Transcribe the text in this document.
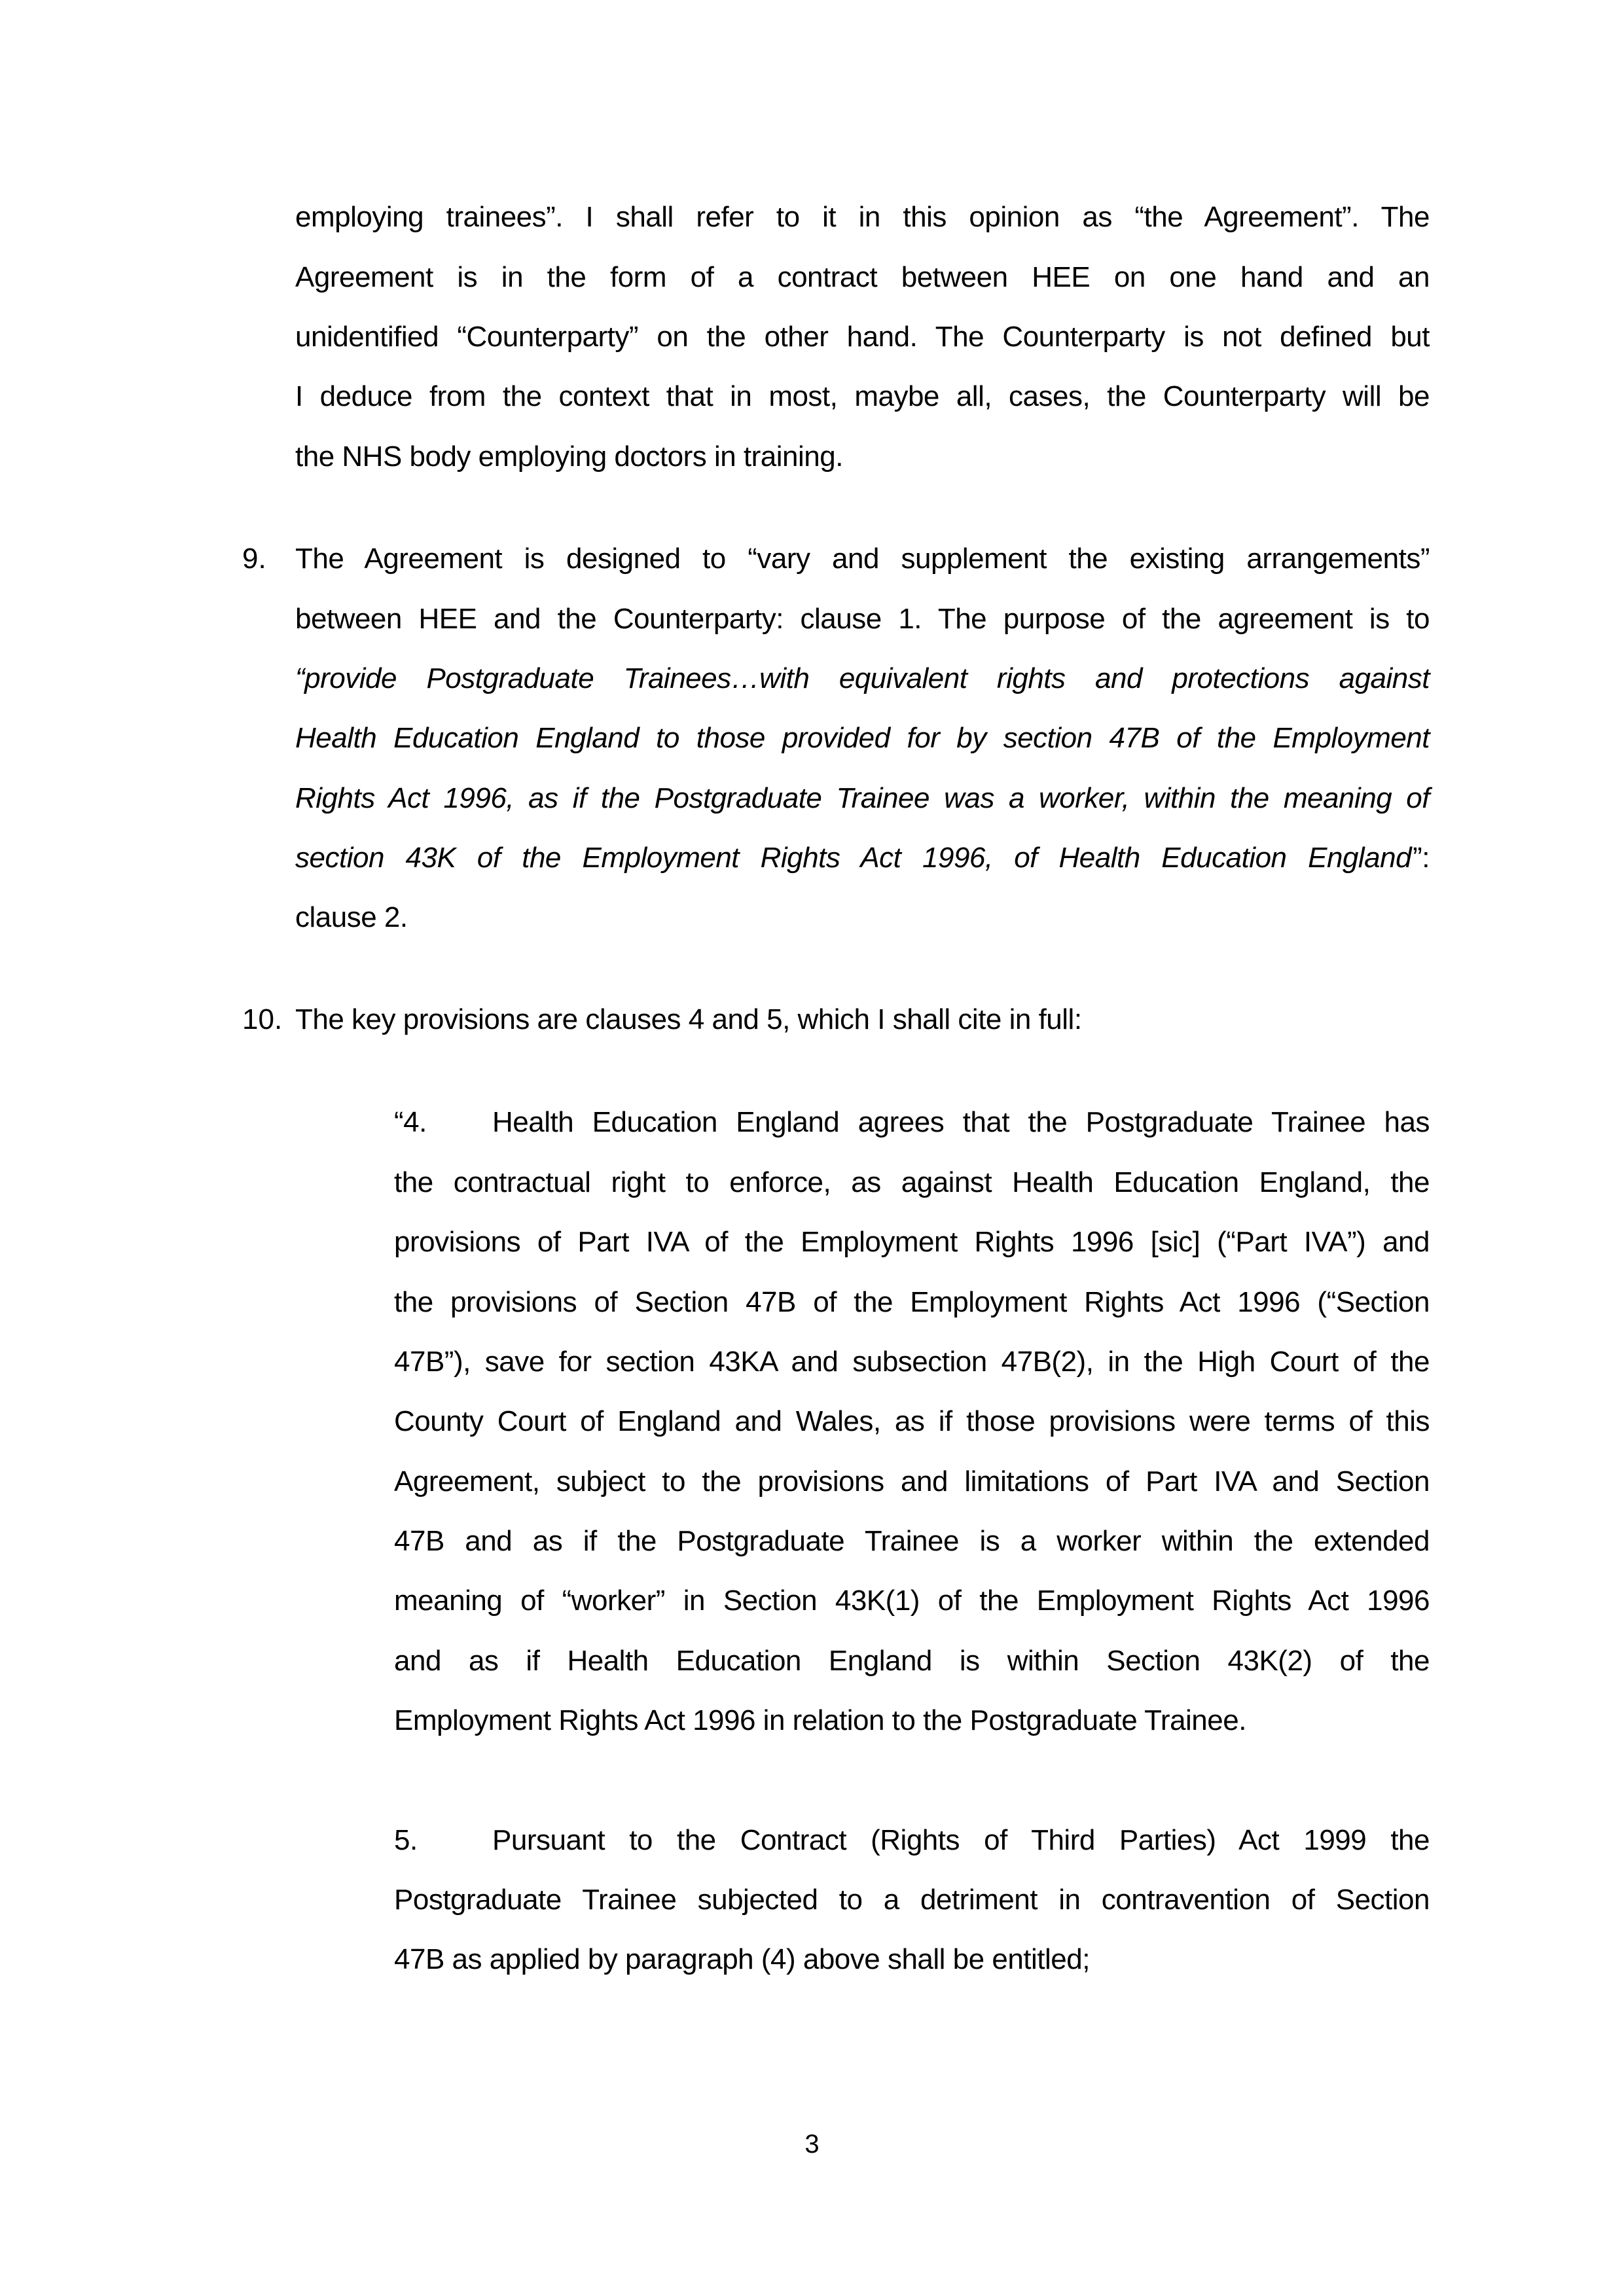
employing trainees”. I shall refer to it in this opinion as “the Agreement”. The
Agreement is in the form of a contract between HEE on one hand and an
unidentified “Counterparty” on the other hand. The Counterparty is not defined but
I deduce from the context that in most, maybe all, cases, the Counterparty will be
the NHS body employing doctors in training.
9. The Agreement is designed to “vary and supplement the existing arrangements”
between HEE and the Counterparty: clause 1. The purpose of the agreement is to
“provide Postgraduate Trainees…with equivalent rights and protections against
Health Education England to those provided for by section 47B of the Employment
Rights Act 1996, as if the Postgraduate Trainee was a worker, within the meaning of
section 43K of the Employment Rights Act 1996, of Health Education England ”:
clause 2.
10. The key provisions are clauses 4 and 5, which I shall cite in full:
“4.	Health Education England agrees that the Postgraduate Trainee has
the contractual right to enforce, as against Health Education England, the
provisions of Part IVA of the Employment Rights 1996 [sic] (“Part IVA”) and
the provisions of Section 47B of the Employment Rights Act 1996 (“Section
47B”), save for section 43KA and subsection 47B(2), in the High Court of the
County Court of England and Wales, as if those provisions were terms of this
Agreement, subject to the provisions and limitations of Part IVA and Section
47B and as if the Postgraduate Trainee is a worker within the extended
meaning of “worker” in Section 43K(1) of the Employment Rights Act 1996
and as if Health Education England is within Section 43K(2) of the
Employment Rights Act 1996 in relation to the Postgraduate Trainee.
5.	Pursuant to the Contract (Rights of Third Parties) Act 1999 the
Postgraduate Trainee subjected to a detriment in contravention of Section
47B as applied by paragraph (4) above shall be entitled;
3
